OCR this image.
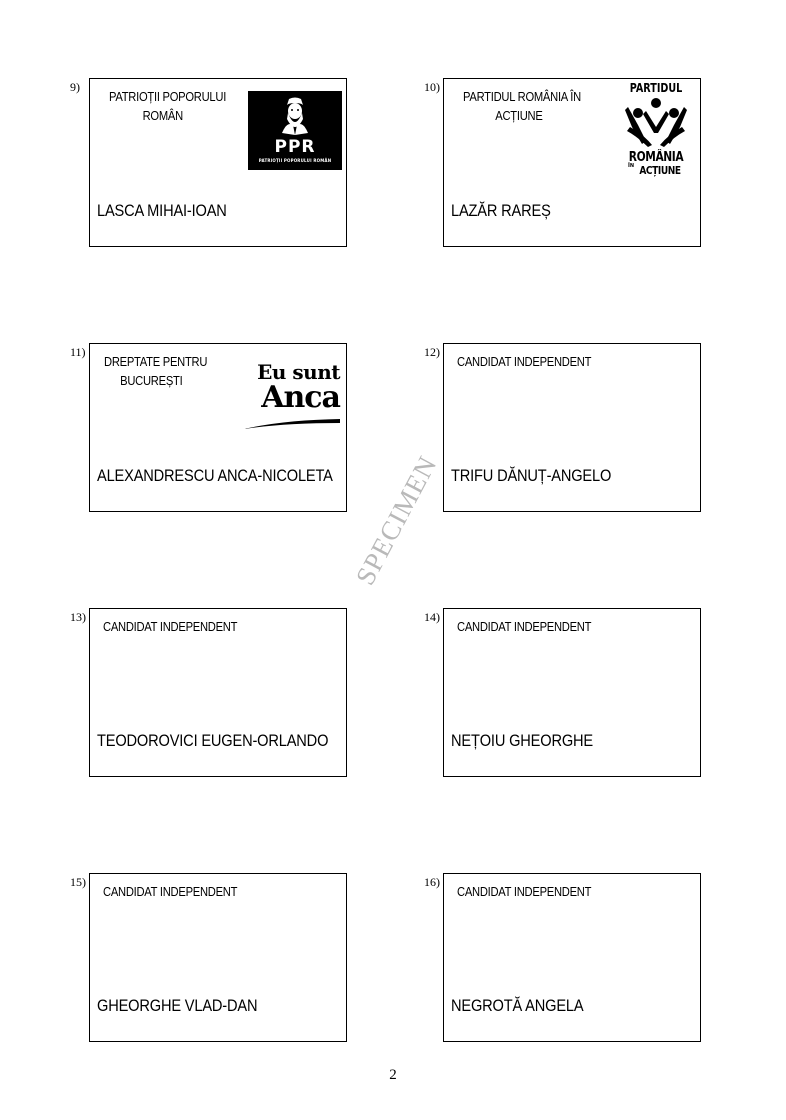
9)
PATRIOȚII POPORULUI
ROMÂN
PPR
PATRIOȚII POPORULUI ROMÂN
LASCA MIHAI-IOAN
10)
PARTIDUL ROMÂNIA ÎN
ACȚIUNE
PARTIDUL
ROMÂNIA
ÎN ACȚIUNE
LAZĂR RAREȘ
11)
DREPTATE PENTRU
BUCUREȘTI	Eu sunt
Anca
ALEXANDRESCU ANCA-NICOLETA
12)
CANDIDAT INDEPENDENT
TRIFU DĂNUȚ-ANGELO
13)
CANDIDAT INDEPENDENT
TEODOROVICI EUGEN-ORLANDO
14)
CANDIDAT INDEPENDENT
NEȚOIU GHEORGHE
15)
CANDIDAT INDEPENDENT
GHEORGHE VLAD-DAN
16)
CANDIDAT INDEPENDENT
NEGROTĂ ANGELA
SPECIMEN
2
